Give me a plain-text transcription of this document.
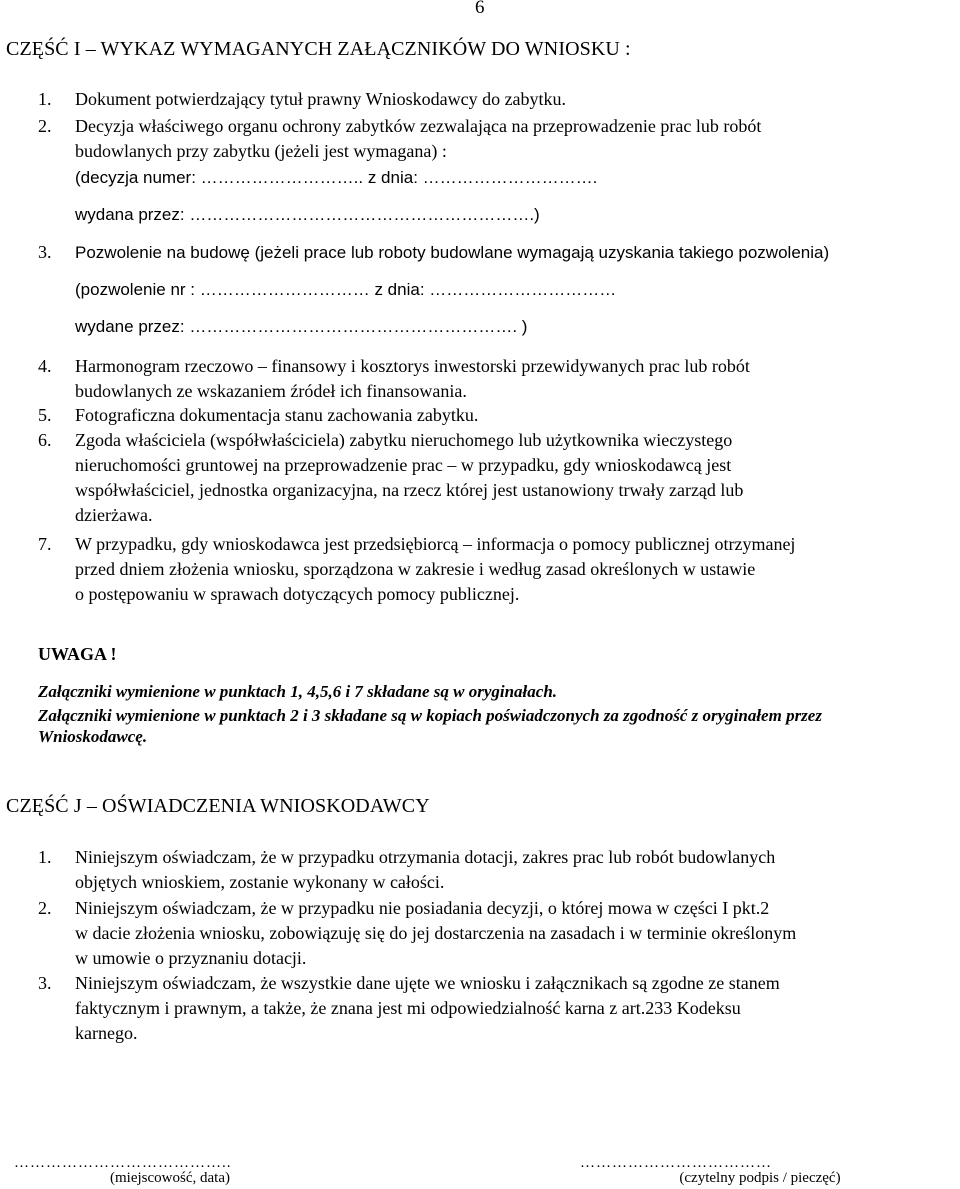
6
CZĘŚĆ I – WYKAZ WYMAGANYCH ZAŁĄCZNIKÓW DO WNIOSKU :
1.	Dokument potwierdzający tytuł prawny Wnioskodawcy do zabytku.
2.	Decyzja właściwego organu ochrony zabytków zezwalająca na przeprowadzenie prac lub robót
budowlanych przy zabytku (jeżeli jest wymagana) :
(decyzja numer: ……………………….. z dnia: ………………………….
wydana przez: …………………………………………………….)
3.	Pozwolenie na budowę (jeżeli prace lub roboty budowlane wymagają uzyskania takiego pozwolenia)
(pozwolenie nr : ………………………… z dnia: ……………………………
wydane przez: …………………………………………………. )
4.	Harmonogram rzeczowo – finansowy i kosztorys inwestorski przewidywanych prac lub robót
budowlanych ze wskazaniem źródeł ich finansowania.
5.	Fotograficzna dokumentacja stanu zachowania zabytku.
6.	Zgoda właściciela (współwłaściciela) zabytku nieruchomego lub użytkownika wieczystego
nieruchomości gruntowej na przeprowadzenie prac – w przypadku, gdy wnioskodawcą jest
współwłaściciel, jednostka organizacyjna, na rzecz której jest ustanowiony trwały zarząd lub
dzierżawa.
7.	W przypadku, gdy wnioskodawca jest przedsiębiorcą – informacja o pomocy publicznej otrzymanej
przed dniem złożenia wniosku, sporządzona w zakresie i według zasad określonych w ustawie
o postępowaniu w sprawach dotyczących pomocy publicznej.
UWAGA !
Załączniki wymienione w punktach 1, 4,5,6 i 7 składane są w oryginałach.
Załączniki wymienione w punktach 2 i 3 składane są w kopiach poświadczonych za zgodność z oryginałem przez
Wnioskodawcę.
CZĘŚĆ J – OŚWIADCZENIA WNIOSKODAWCY
1.	Niniejszym oświadczam, że w przypadku otrzymania dotacji, zakres prac lub robót budowlanych
objętych wnioskiem, zostanie wykonany w całości.
2.	Niniejszym oświadczam, że w przypadku nie posiadania decyzji, o której mowa w części I pkt.2
w dacie złożenia wniosku, zobowiązuję się do jej dostarczenia na zasadach i w terminie określonym
w umowie o przyznaniu dotacji.
3.	Niniejszym oświadczam, że wszystkie dane ujęte we wniosku i załącznikach są zgodne ze stanem
faktycznym i prawnym, a także, że znana jest mi odpowiedzialność karna z art.233 Kodeksu
karnego.
…………………………………..
(miejscowość, data)
………………………………
(czytelny podpis / pieczęć)
